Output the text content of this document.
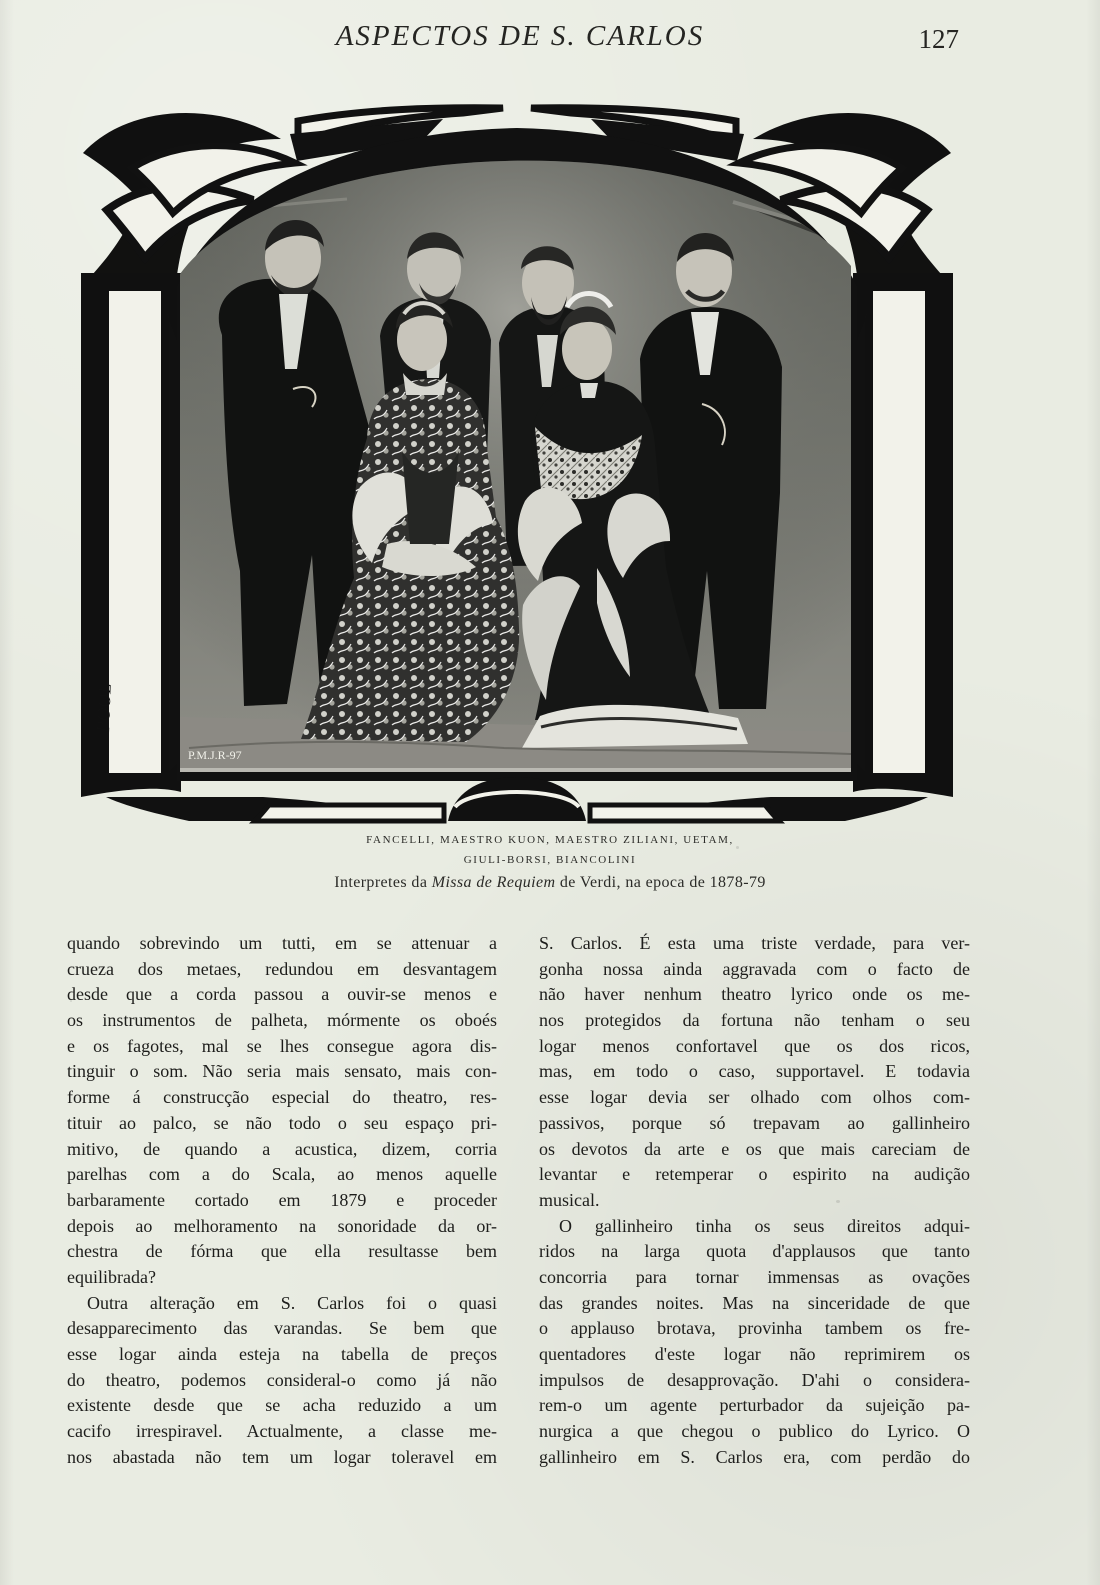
ASPECTOS DE S. CARLOS	127
P.M.J.R-97
POOL
FANCELLI, MAESTRO KUON, MAESTRO ZILIANI, UETAM,
GIULI-BORSI, BIANCOLINI
Interpretes da Missa de Requiem de Verdi, na epoca de 1878-79
quando sobrevindo um tutti, em se attenuar a
crueza dos metaes, redundou em desvantagem
desde que a corda passou a ouvir-se menos e
os instrumentos de palheta, mórmente os oboés
e os fagotes, mal se lhes consegue agora dis-
tinguir o som. Não seria mais sensato, mais con-
forme á construcção especial do theatro, res-
tituir ao palco, se não todo o seu espaço pri-
mitivo, de quando a acustica, dizem, corria
parelhas com a do Scala, ao menos aquelle
barbaramente cortado em 1879 e proceder
depois ao melhoramento na sonoridade da or-
chestra de fórma que ella resultasse bem
equilibrada?
Outra alteração em S. Carlos foi o quasi
desapparecimento das varandas. Se bem que
esse logar ainda esteja na tabella de preços
do theatro, podemos consideral-o como já não
existente desde que se acha reduzido a um
cacifo irrespiravel. Actualmente, a classe me-
nos abastada não tem um logar toleravel em
S. Carlos. É esta uma triste verdade, para ver-
gonha nossa ainda aggravada com o facto de
não haver nenhum theatro lyrico onde os me-
nos protegidos da fortuna não tenham o seu
logar menos confortavel que os dos ricos,
mas, em todo o caso, supportavel. E todavia
esse logar devia ser olhado com olhos com-
passivos, porque só trepavam ao gallinheiro
os devotos da arte e os que mais careciam de
levantar e retemperar o espirito na audição
musical.
O gallinheiro tinha os seus direitos adqui-
ridos na larga quota d'applausos que tanto
concorria para tornar immensas as ovações
das grandes noites. Mas na sinceridade de que
o applauso brotava, provinha tambem os fre-
quentadores d'este logar não reprimirem os
impulsos de desapprovação. D'ahi o considera-
rem-o um agente perturbador da sujeição pa-
nurgica a que chegou o publico do Lyrico. O
gallinheiro em S. Carlos era, com perdão do
